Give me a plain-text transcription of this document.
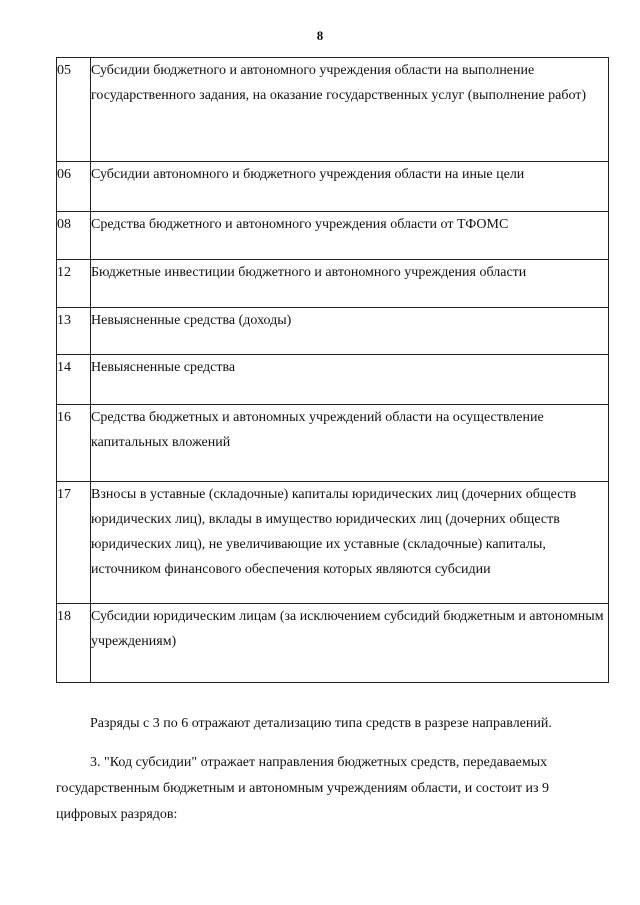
8
05	Субсидии бюджетного и автономного учреждения области на выполнение государственного задания, на оказание государственных услуг (выполнение работ)
06	Субсидии автономного и бюджетного учреждения области на иные цели
08	Средства бюджетного и автономного учреждения области от ТФОМС
12	Бюджетные инвестиции бюджетного и автономного учреждения области
13	Невыясненные средства (доходы)
14	Невыясненные средства
16	Средства бюджетных и автономных учреждений области на осуществление капитальных вложений
17	Взносы в уставные (складочные) капиталы юридических лиц (дочерних обществ юридических лиц), вклады в имущество юридических лиц (дочерних обществ юридических лиц), не увеличивающие их уставные (складочные) капиталы, источником финансового обеспечения которых являются субсидии
18	Субсидии юридическим лицам (за исключением субсидий бюджетным и автономным учреждениям)

Разряды с 3 по 6 отражают детализацию типа средств в разрезе направлений.

3. "Код субсидии" отражает направления бюджетных средств, передаваемых государственным бюджетным и автономным учреждениям области, и состоит из 9 цифровых разрядов:
